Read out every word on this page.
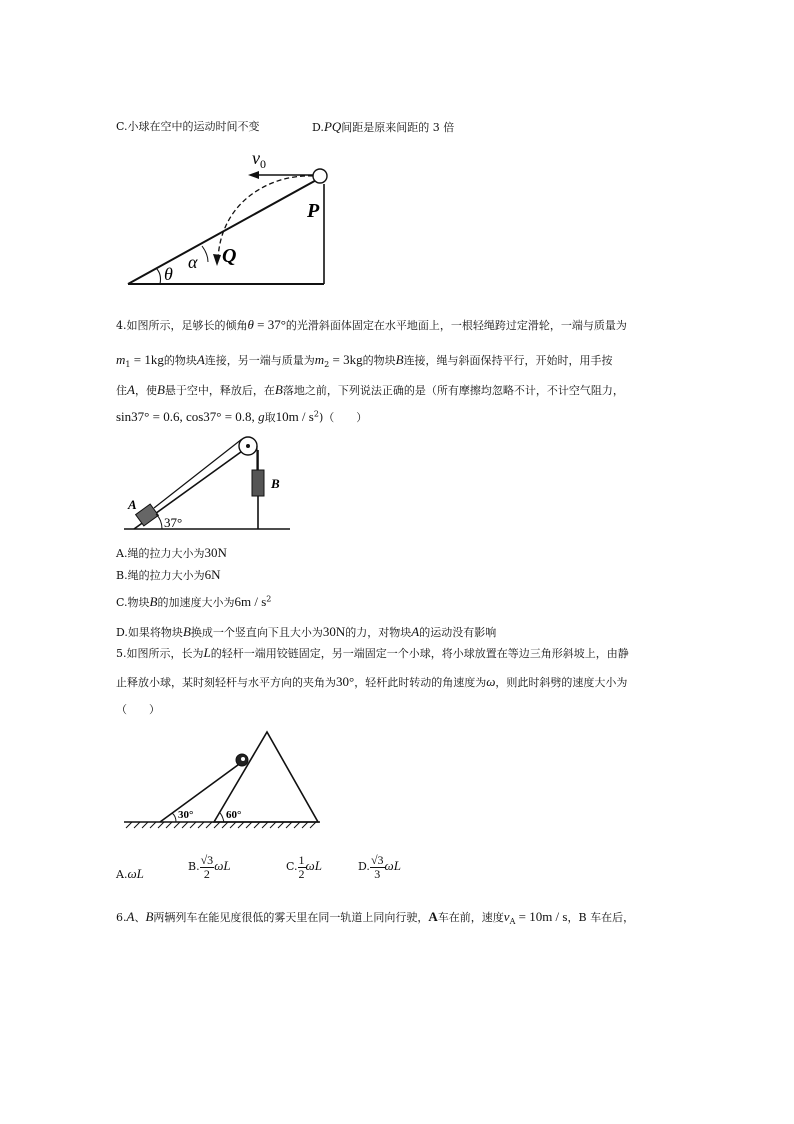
C.小球在空中的运动时间不变	D.PQ间距是原来间距的 3 倍
$v_0$
P
Q
α
θ
4.如图所示，足够长的倾角θ = 37°的光滑斜面体固定在水平地面上，一根轻绳跨过定滑轮，一端与质量为
$m_1 = 1kg$的物块A连接，另一端与质量为$m_2 = 3kg$的物块B连接，绳与斜面保持平行，开始时，用手按
住A，使B悬于空中，释放后，在B落地之前，下列说法正确的是（所有摩擦均忽略不计，不计空气阻力，
sin37° = 0.6, cos37° = 0.8, g取$10m / s^2$)（　　）
B
A
37°
A.绳的拉力大小为30N
B.绳的拉力大小为6N
C.物块B的加速度大小为$6m / s^2$
D.如果将物块B换成一个竖直向下且大小为30N的力，对物块A的运动没有影响
5.如图所示，长为L的轻杆一端用铰链固定，另一端固定一个小球，将小球放置在等边三角形斜坡上，由静
止释放小球，某时刻轻杆与水平方向的夹角为30°，轻杆此时转动的角速度为ω，则此时斜劈的速度大小为
（　　）
30°	60°
A.ωL	B. $\frac{√3}{2}$ ωL	C. $\frac{1}{2}$ ωL	D. $\frac{√3}{3}$ ωL
6.A、B两辆列车在能见度很低的雾天里在同一轨道上同向行驶，A车在前，速度$v_A = 10m / s$，B 车在后，
